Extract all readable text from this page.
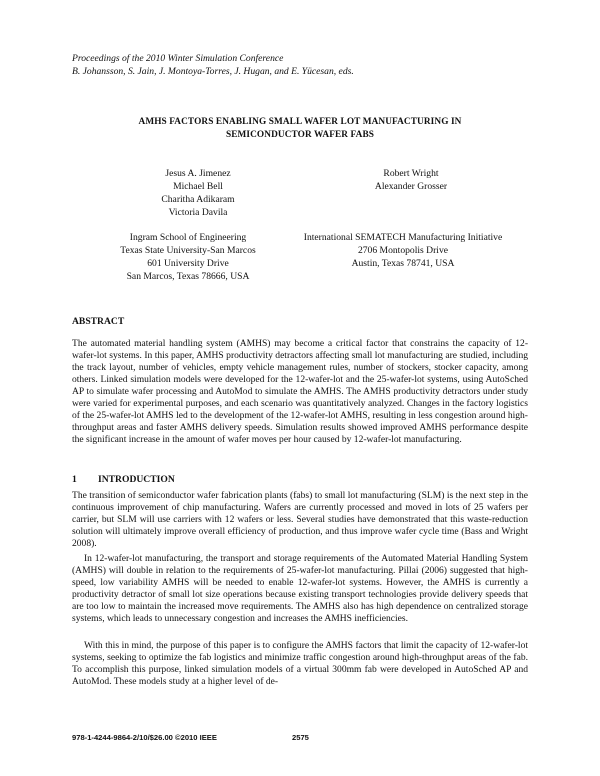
Proceedings of the 2010 Winter Simulation Conference
B. Johansson, S. Jain, J. Montoya-Torres, J. Hugan, and E. Yücesan, eds.
AMHS FACTORS ENABLING SMALL WAFER LOT MANUFACTURING IN
SEMICONDUCTOR WAFER FABS
Jesus A. Jimenez
Michael Bell
Charitha Adikaram
Victoria Davila
Robert Wright
Alexander Grosser
Ingram School of Engineering
Texas State University-San Marcos
601 University Drive
San Marcos, Texas 78666, USA
International SEMATECH Manufacturing Initiative
2706 Montopolis Drive
Austin, Texas 78741, USA
ABSTRACT

The automated material handling system (AMHS) may become a critical factor that constrains the capacity of 12-wafer-lot systems. In this paper, AMHS productivity detractors affecting small lot manufacturing are studied, including the track layout, number of vehicles, empty vehicle management rules, number of stockers, stocker capacity, among others. Linked simulation models were developed for the 12-wafer-lot and the 25-wafer-lot systems, using AutoSched AP to simulate wafer processing and AutoMod to simulate the AMHS. The AMHS productivity detractors under study were varied for experimental purposes, and each scenario was quantitatively analyzed. Changes in the factory logistics of the 25-wafer-lot AMHS led to the development of the 12-wafer-lot AMHS, resulting in less congestion around high-throughput areas and faster AMHS delivery speeds. Simulation results showed improved AMHS performance despite the significant increase in the amount of wafer moves per hour caused by 12-wafer-lot manufacturing.

1 INTRODUCTION

The transition of semiconductor wafer fabrication plants (fabs) to small lot manufacturing (SLM) is the next step in the continuous improvement of chip manufacturing. Wafers are currently processed and moved in lots of 25 wafers per carrier, but SLM will use carriers with 12 wafers or less. Several studies have demonstrated that this waste-reduction solution will ultimately improve overall efficiency of production, and thus improve wafer cycle time (Bass and Wright 2008).

In 12-wafer-lot manufacturing, the transport and storage requirements of the Automated Material Handling System (AMHS) will double in relation to the requirements of 25-wafer-lot manufacturing. Pillai (2006) suggested that high-speed, low variability AMHS will be needed to enable 12-wafer-lot systems. However, the AMHS is currently a productivity detractor of small lot size operations because existing transport technologies provide delivery speeds that are too low to maintain the increased move requirements. The AMHS also has high dependence on centralized storage systems, which leads to unnecessary congestion and increases the AMHS inefficiencies.

With this in mind, the purpose of this paper is to configure the AMHS factors that limit the capacity of 12-wafer-lot systems, seeking to optimize the fab logistics and minimize traffic congestion around high-throughput areas of the fab. To accomplish this purpose, linked simulation models of a virtual 300mm fab were developed in AutoSched AP and AutoMod. These models study at a higher level of de-

978-1-4244-9864-2/10/$26.00 ©2010 IEEE	2575
